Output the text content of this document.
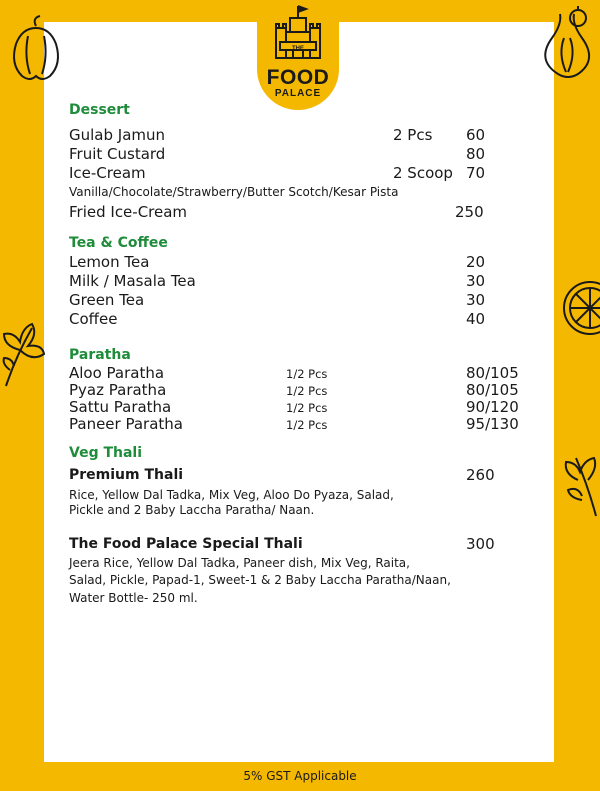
THE
FOOD
PALACE
Dessert
Gulab Jamun	2 Pcs 60
Fruit Custard	80
Ice-Cream	2 Scoop 70
Vanilla/Chocolate/Strawberry/Butter Scotch/Kesar Pista
Fried Ice-Cream	250
Tea & Coffee
Lemon Tea	20
Milk / Masala Tea	30
Green Tea	30
Coffee	40
Paratha
Aloo Paratha	1/2 Pcs	80/105
Pyaz Paratha	1/2 Pcs	80/105
Sattu Paratha	1/2 Pcs	90/120
Paneer Paratha	1/2 Pcs	95/130
Veg Thali
Premium Thali	260
Rice, Yellow Dal Tadka, Mix Veg, Aloo Do Pyaza, Salad,
Pickle and 2 Baby Laccha Paratha/ Naan.
The Food Palace Special Thali	300
Jeera Rice, Yellow Dal Tadka, Paneer dish, Mix Veg, Raita,
Salad, Pickle, Papad-1, Sweet-1 & 2 Baby Laccha Paratha/Naan,
Water Bottle- 250 ml.
5% GST Applicable
